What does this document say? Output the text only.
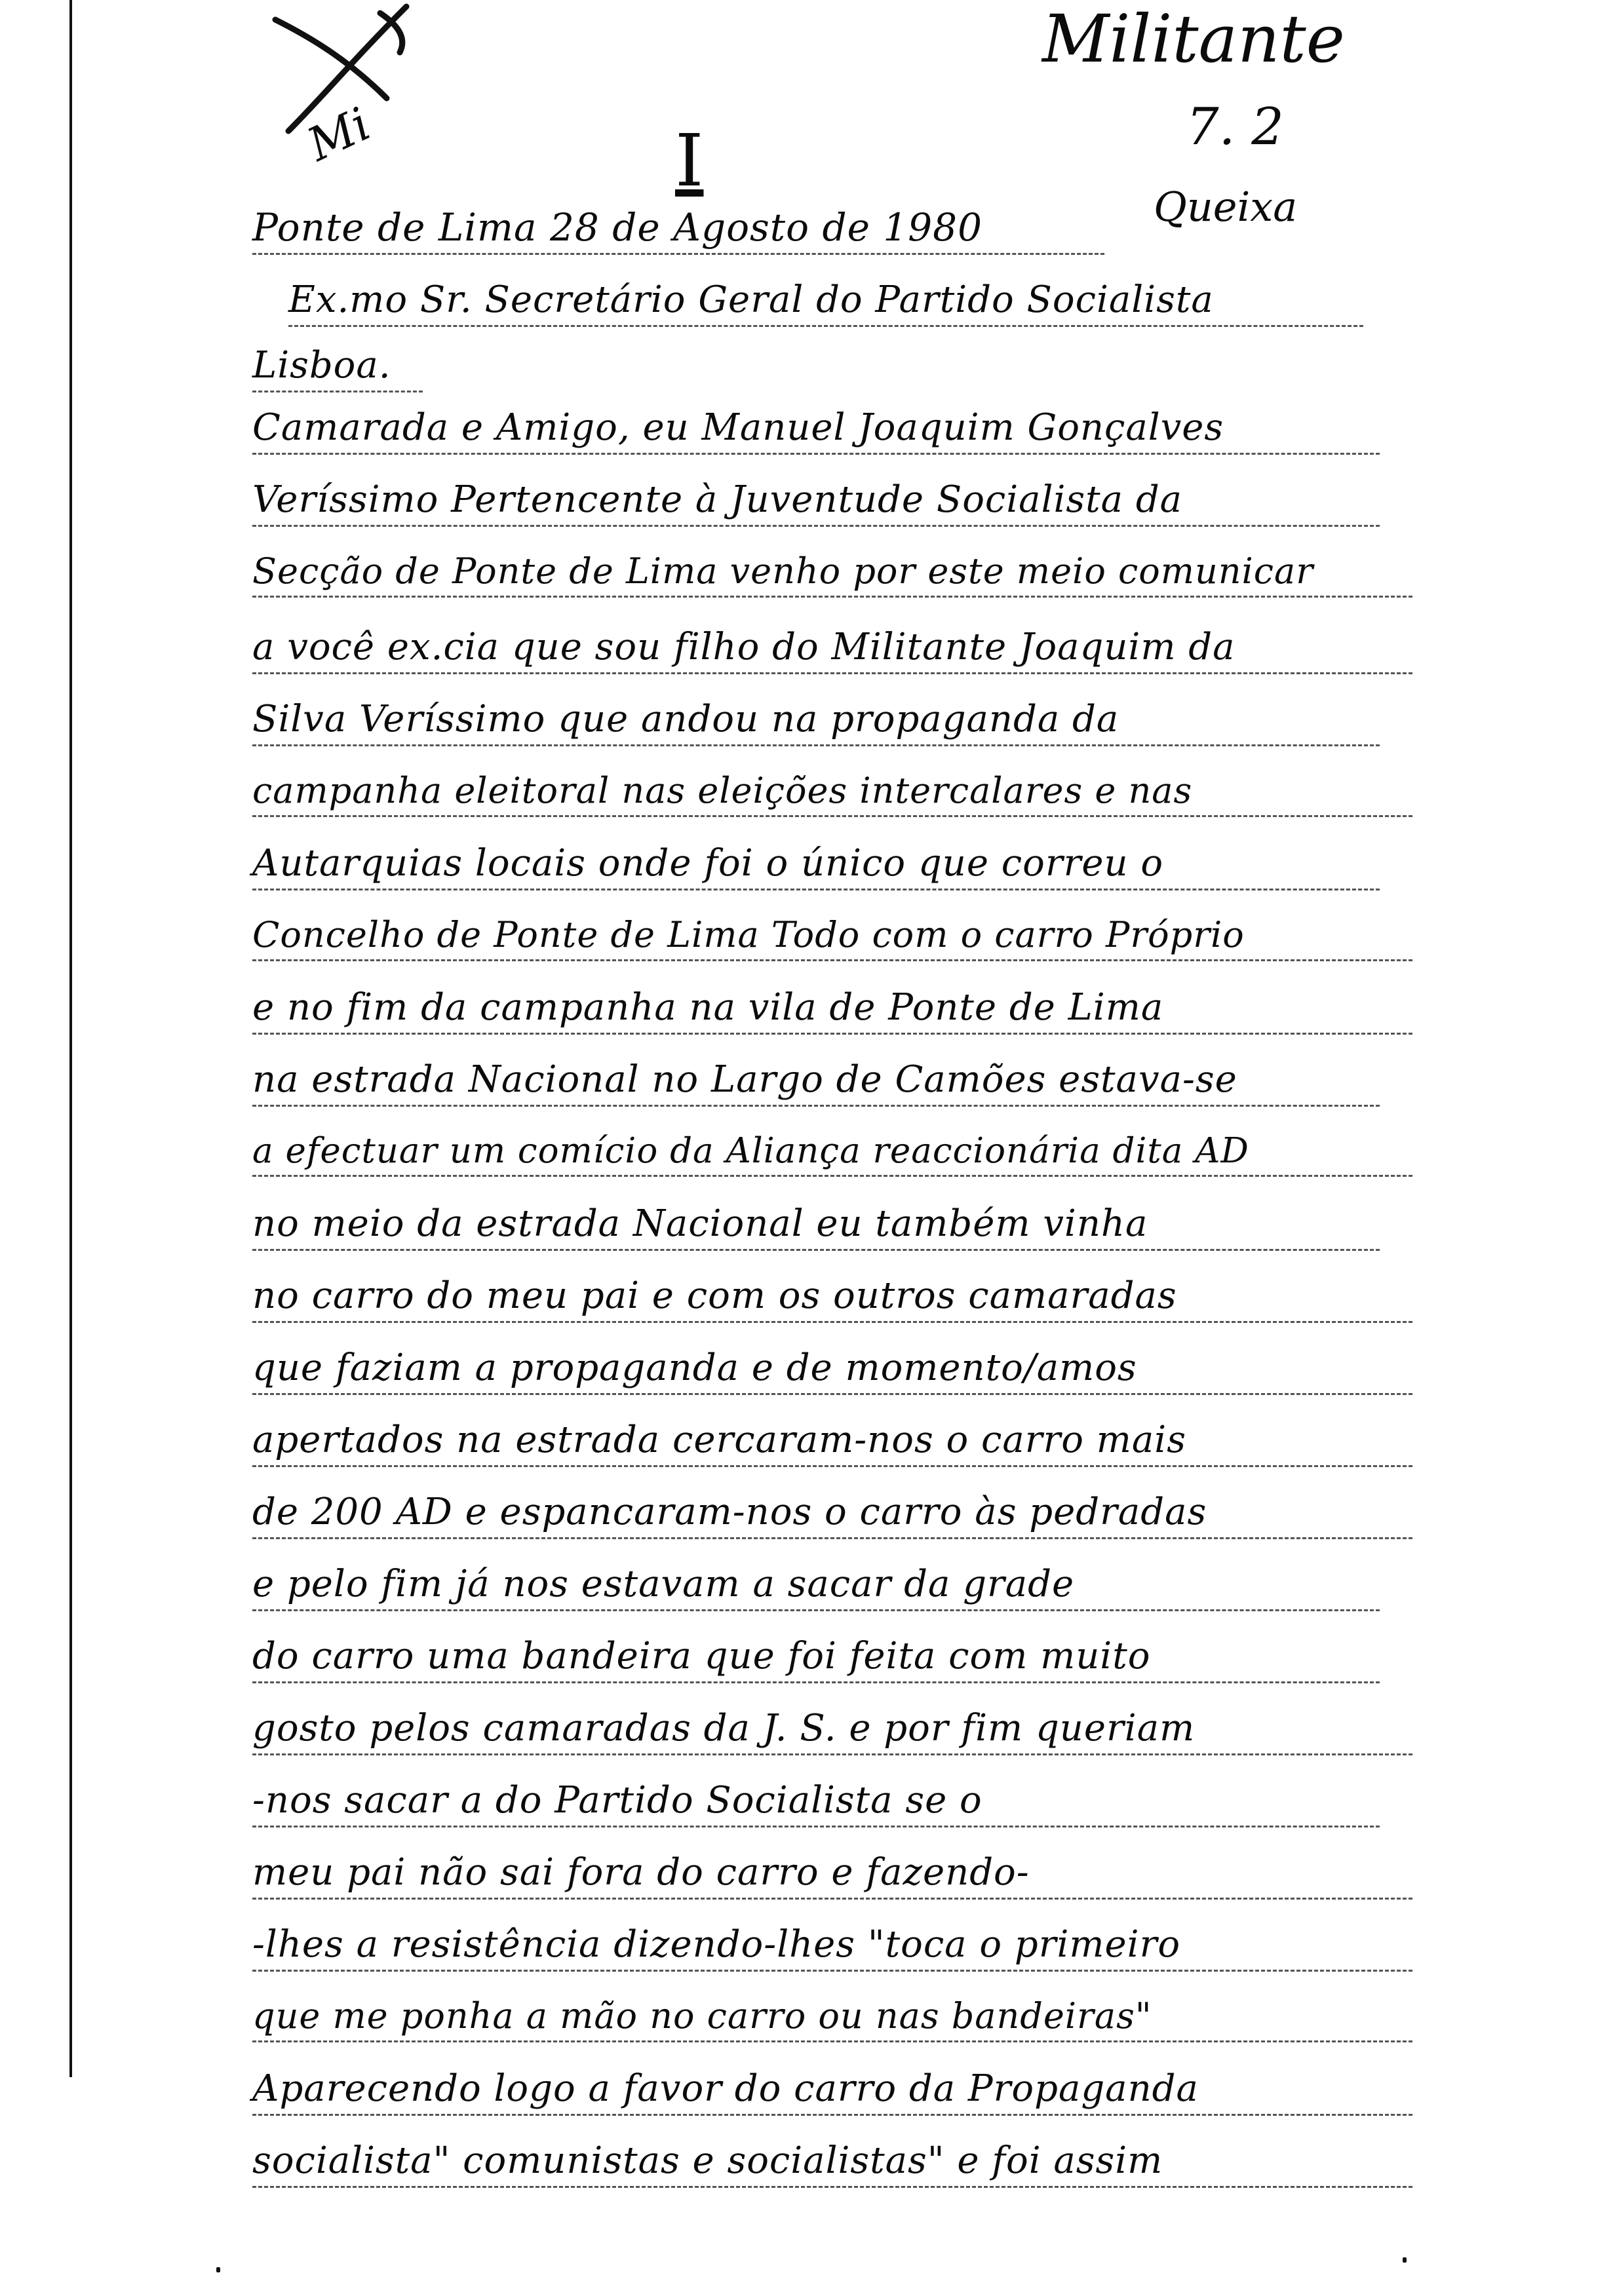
Mi
Militante
7. 2
Queixa
I
Ponte de Lima 28 de Agosto de 1980
Ex.mo Sr. Secretário Geral do Partido Socialista
Lisboa.
Camarada e Amigo, eu Manuel Joaquim Gonçalves
Veríssimo Pertencente à Juventude Socialista da
Secção de Ponte de Lima venho por este meio comunicar
a você ex.cia que sou filho do Militante Joaquim da
Silva Veríssimo que andou na propaganda da
campanha eleitoral nas eleições intercalares e nas
Autarquias locais onde foi o único que correu o
Concelho de Ponte de Lima Todo com o carro Próprio
e no fim da campanha na vila de Ponte de Lima
na estrada Nacional no Largo de Camões estava-se
a efectuar um comício da Aliança reaccionária dita AD
no meio da estrada Nacional eu também vinha
no carro do meu pai e com os outros camaradas
que faziam a propaganda e de momento/amos
apertados na estrada cercaram-nos o carro mais
de 200 AD e espancaram-nos o carro às pedradas
e pelo fim já nos estavam a sacar da grade
do carro uma bandeira que foi feita com muito
gosto pelos camaradas da J. S. e por fim queriam
-nos sacar a do Partido Socialista se o
meu pai não sai fora do carro e fazendo-
-lhes a resistência dizendo-lhes "toca o primeiro
que me ponha a mão no carro ou nas bandeiras"
Aparecendo logo a favor do carro da Propaganda
socialista" comunistas e socialistas" e foi assim
